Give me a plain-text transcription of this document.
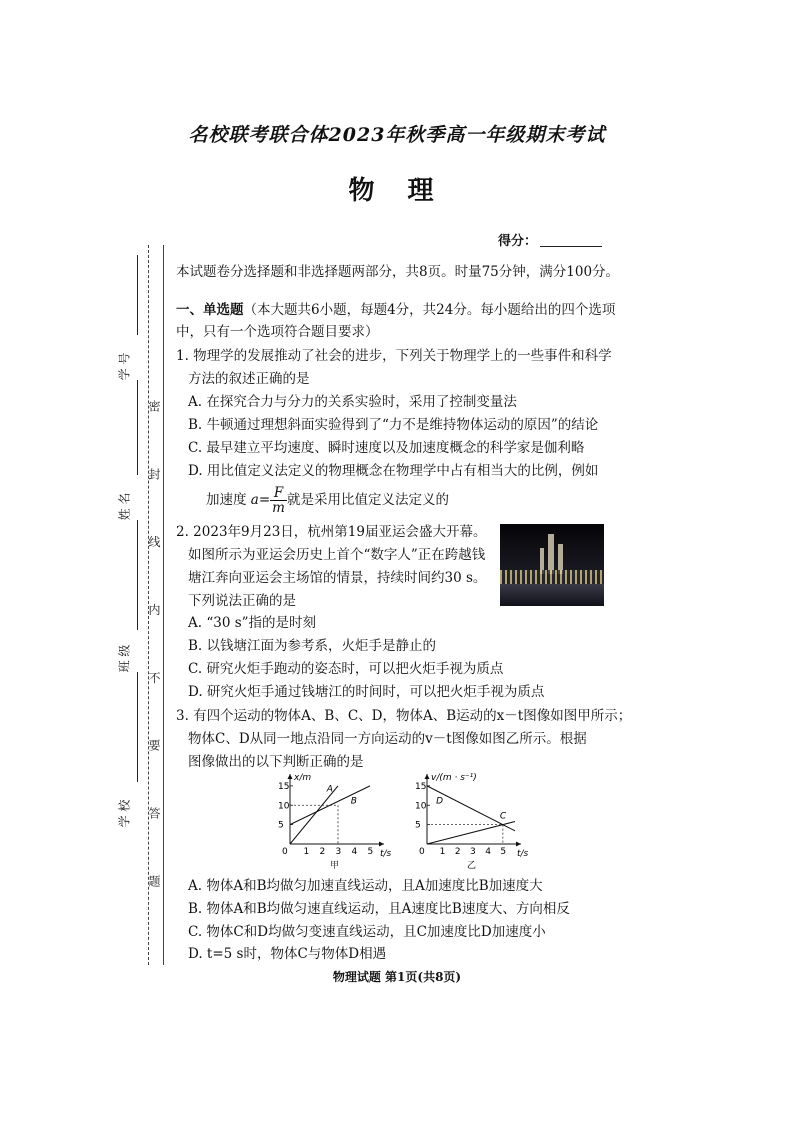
名校联考联合体2023年秋季高一年级期末考试
物 理
得分：
密 封 线 内 不 要 答 题
学 号
姓 名
班 级
学 校
本试题卷分选择题和非选择题两部分，共8页。时量75分钟，满分100分。
一、单选题（本大题共6小题，每题4分，共24分。每小题给出的四个选项
中，只有一个选项符合题目要求）
1. 物理学的发展推动了社会的进步，下列关于物理学上的一些事件和科学
方法的叙述正确的是
A. 在探究合力与分力的关系实验时，采用了控制变量法
B. 牛顿通过理想斜面实验得到了“力不是维持物体运动的原因”的结论
C. 最早建立平均速度、瞬时速度以及加速度概念的科学家是伽利略
D. 用比值定义法定义的物理概念在物理学中占有相当大的比例，例如
加速度 $a= \frac{F}{m}$ 就是采用比值定义法定义的
2. 2023年9月23日，杭州第19届亚运会盛大开幕。
如图所示为亚运会历史上首个“数字人”正在跨越钱
塘江奔向亚运会主场馆的情景，持续时间约30 s。
下列说法正确的是
A. “30 s”指的是时刻
B. 以钱塘江面为参考系，火炬手是静止的
C. 研究火炬手跑动的姿态时，可以把火炬手视为质点
D. 研究火炬手通过钱塘江的时间时，可以把火炬手视为质点
3. 有四个运动的物体A、B、C、D，物体A、B运动的x－t图像如图甲所示；
物体C、D从同一地点沿同一方向运动的v－t图像如图乙所示。根据
图像做出的以下判断正确的是
x/m
t/s
0 1 2 3 4 5
5
10
15	A
B
甲
v/(m · s⁻¹)
t/s
0 1 2 3 4 5
5
10
15
D
C
乙
A. 物体A和B均做匀加速直线运动，且A加速度比B加速度大
B. 物体A和B均做匀速直线运动，且A速度比B速度大、方向相反
C. 物体C和D均做匀变速直线运动，且C加速度比D加速度小
D. t=5 s时，物体C与物体D相遇
物理试题 第1页(共8页)
